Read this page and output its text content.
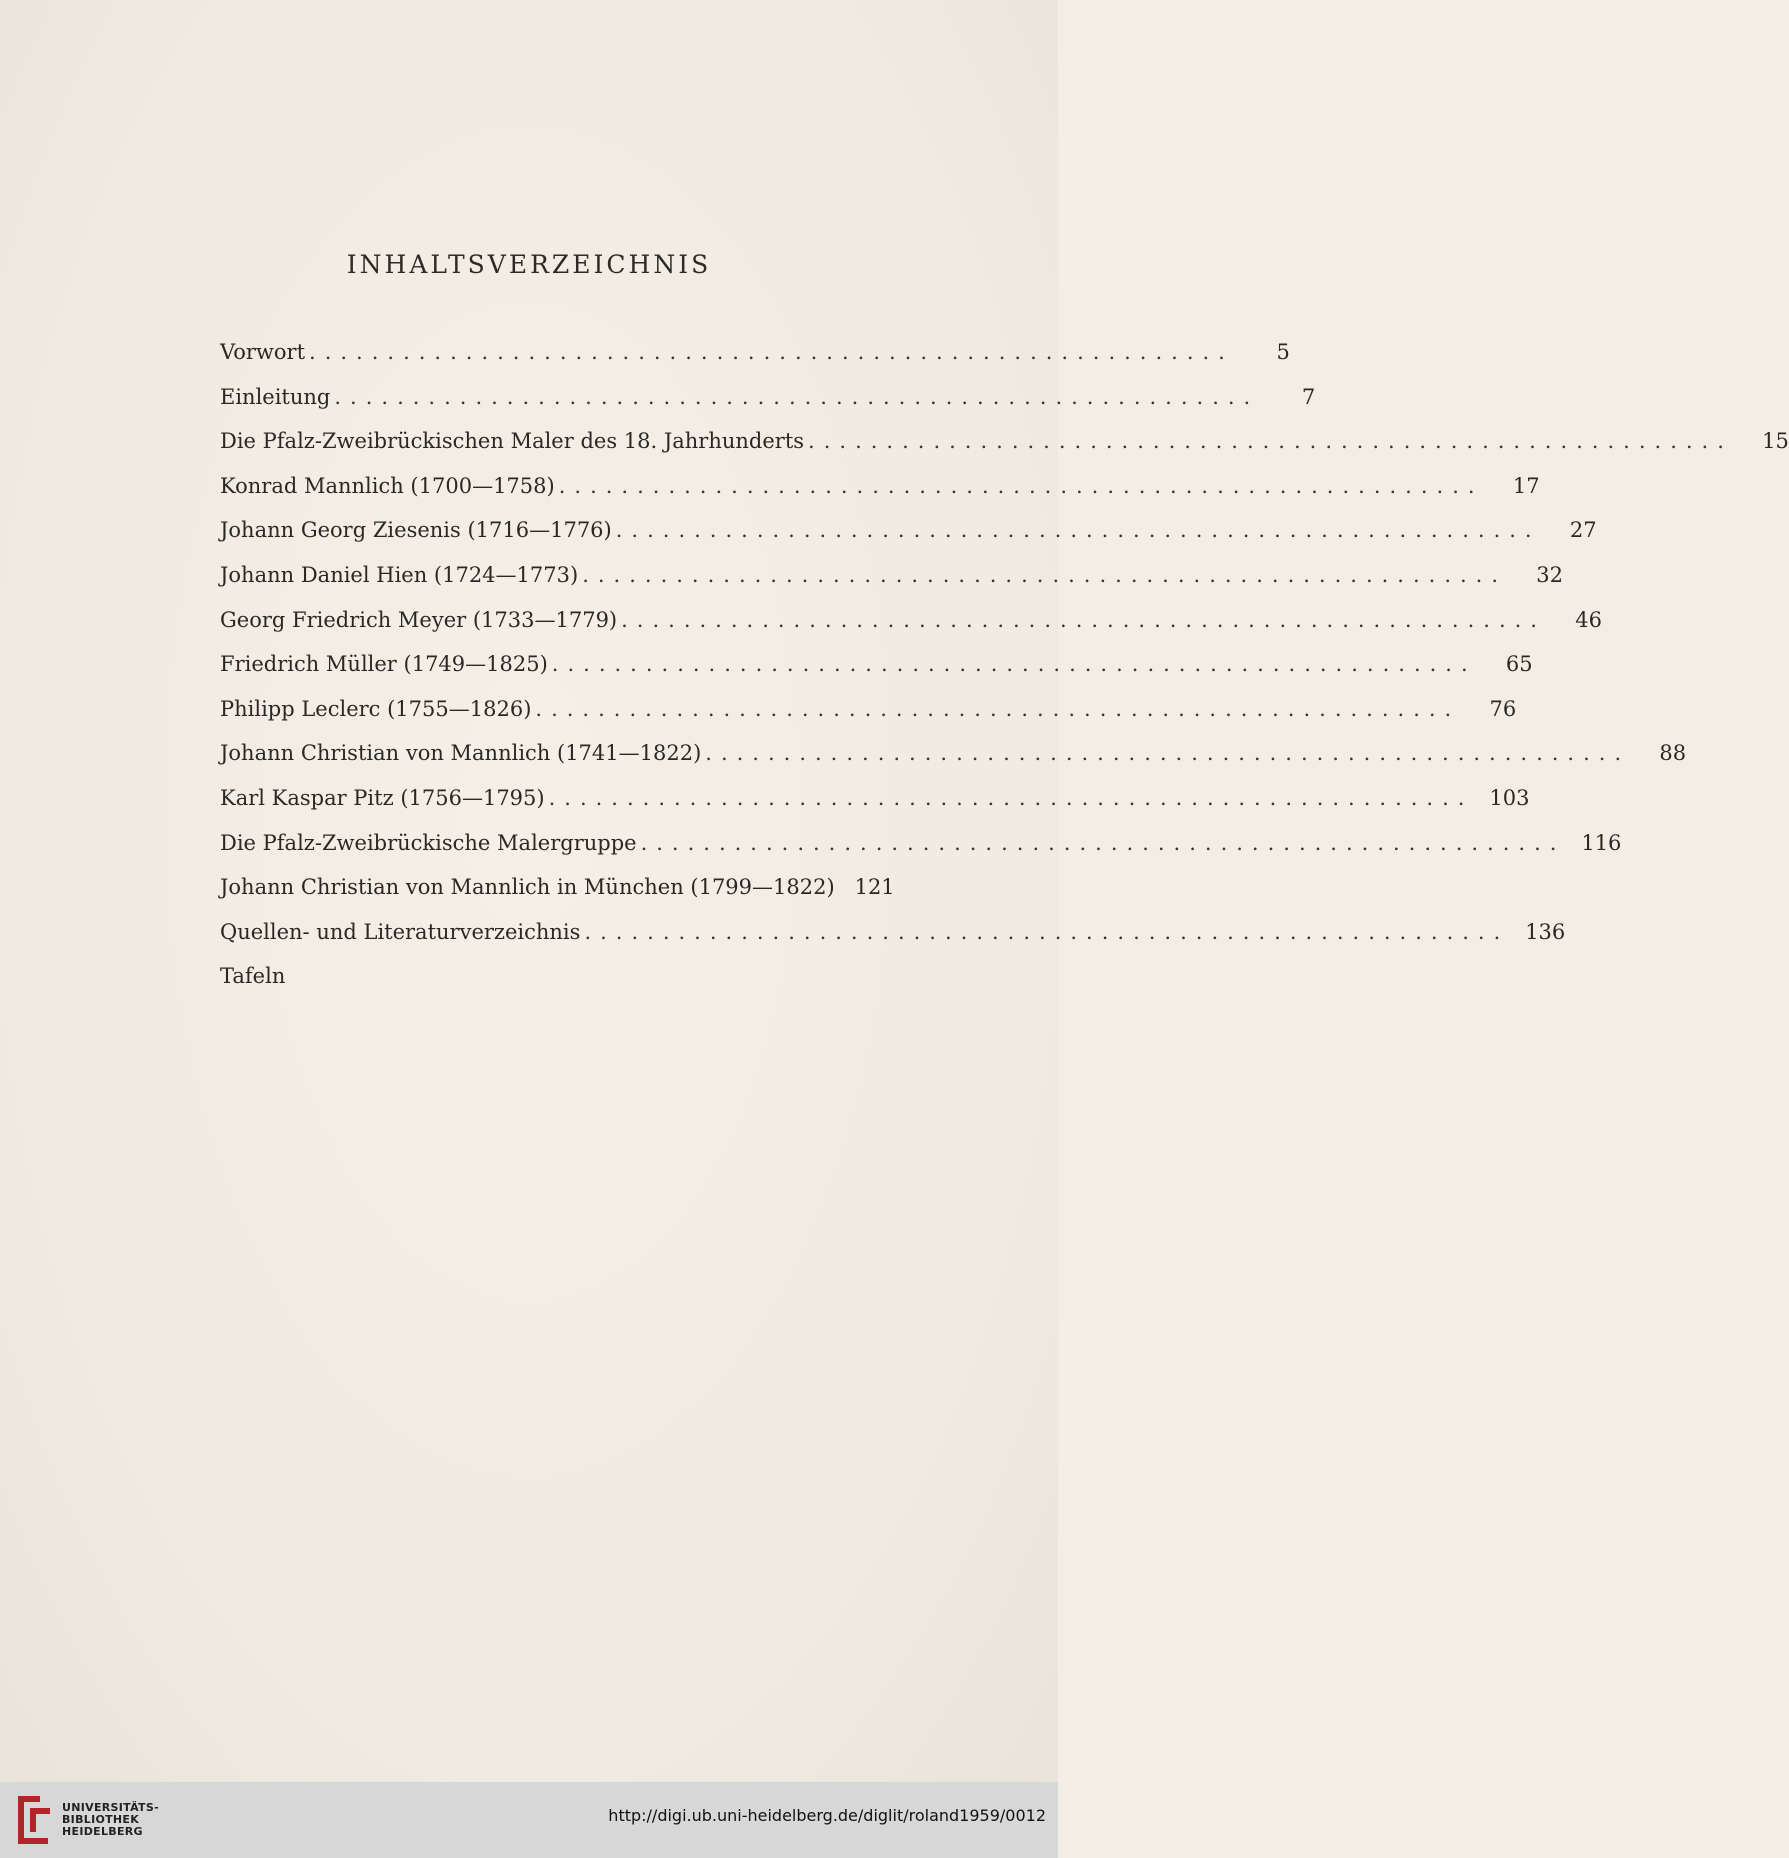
INHALTSVERZEICHNIS
Vorwort ...........................................................	5
Einleitung ...........................................................	7
Die Pfalz-Zweibrückischen Maler des 18. Jahrhunderts ...........................................................	15
Konrad Mannlich (1700—1758) ...........................................................	17
Johann Georg Ziesenis (1716—1776) ...........................................................	27
Johann Daniel Hien (1724—1773) ...........................................................	32
Georg Friedrich Meyer (1733—1779) ...........................................................	46
Friedrich Müller (1749—1825) ...........................................................	65
Philipp Leclerc (1755—1826) ...........................................................	76
Johann Christian von Mannlich (1741—1822) ...........................................................	88
Karl Kaspar Pitz (1756—1795) ........................................................... 103
Die Pfalz-Zweibrückische Malergruppe ........................................................... 116
Johann Christian von Mannlich in München (1799—1822) 121
Quellen- und Literaturverzeichnis ........................................................... 136
Tafeln
UNIVERSITÄTS-
BIBLIOTHEK
HEIDELBERG
http://digi.ub.uni-heidelberg.de/diglit/roland1959/0012
